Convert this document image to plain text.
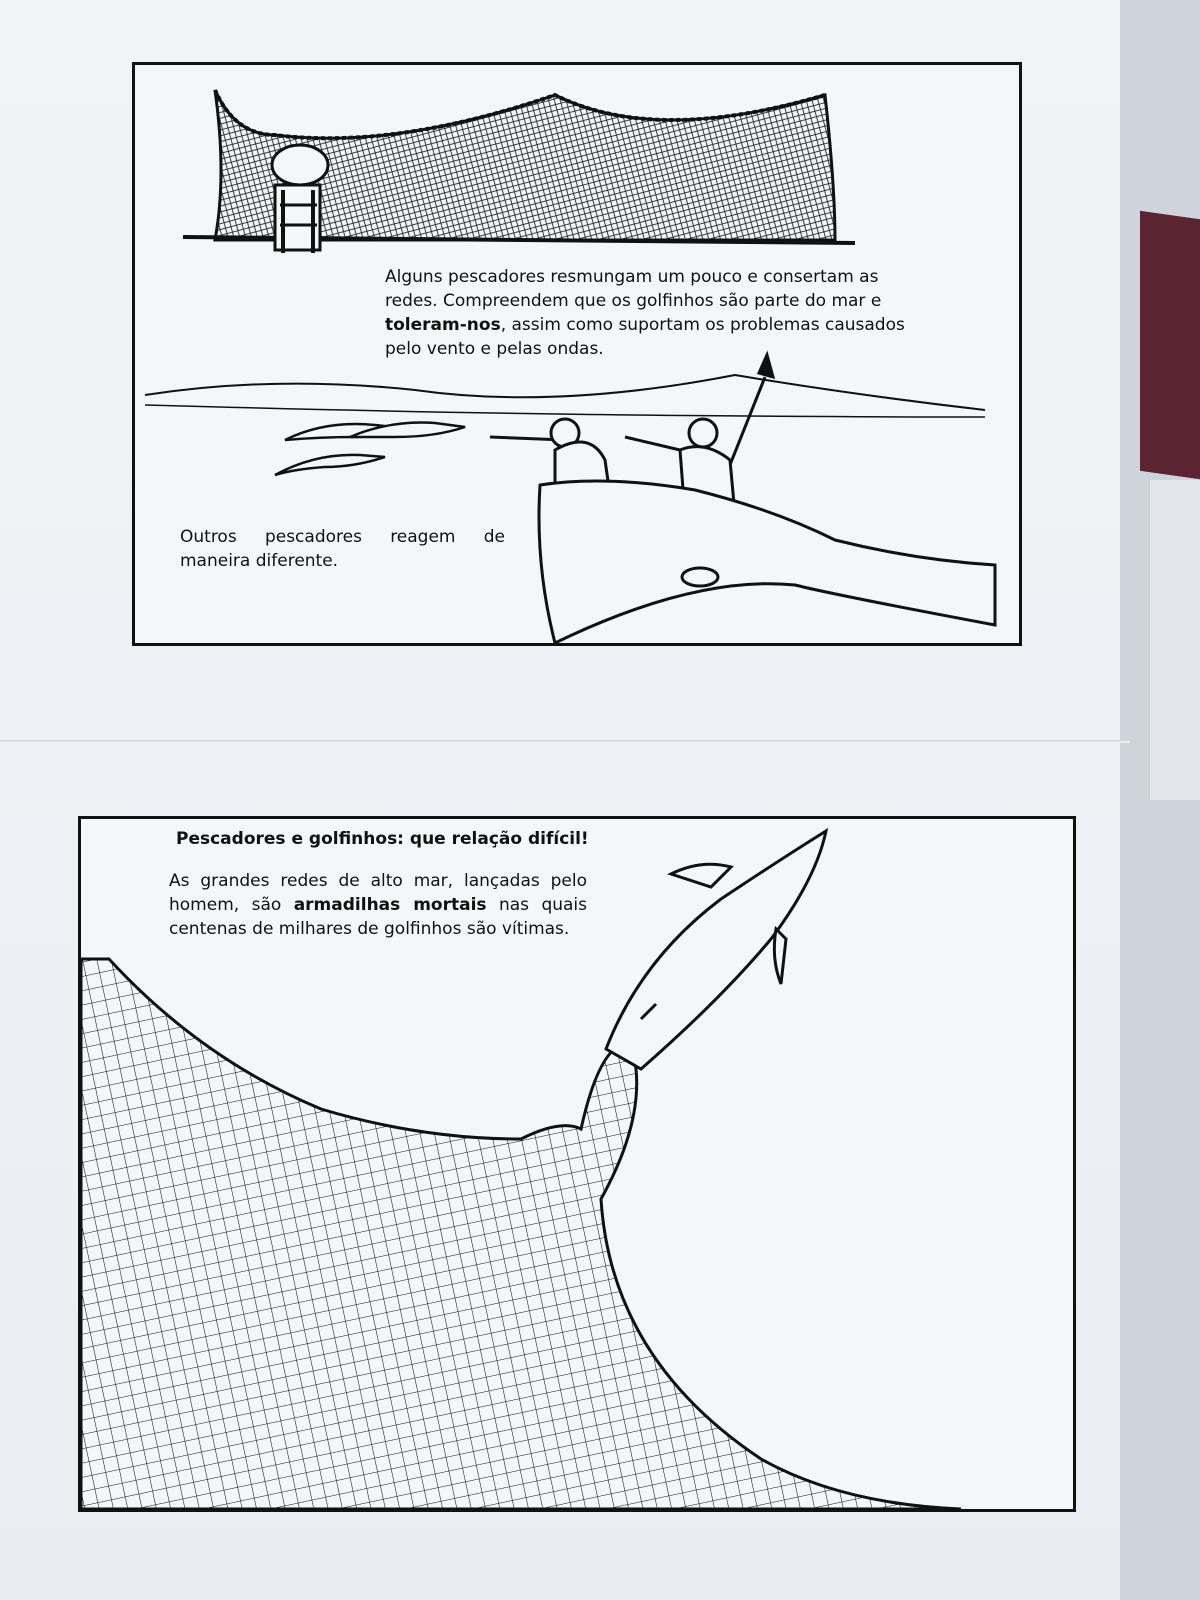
Alguns pescadores resmungam um pouco e consertam as redes. Compreendem que os golfinhos são parte do mar e toleram-nos, assim como suportam os problemas causados pelo vento e pelas ondas.
Outros pescadores reagem de maneira diferente.
Pescadores e golfinhos: que relação difícil!
As grandes redes de alto mar, lançadas pelo homem, são armadilhas mortais nas quais centenas de milhares de golfinhos são vítimas.
